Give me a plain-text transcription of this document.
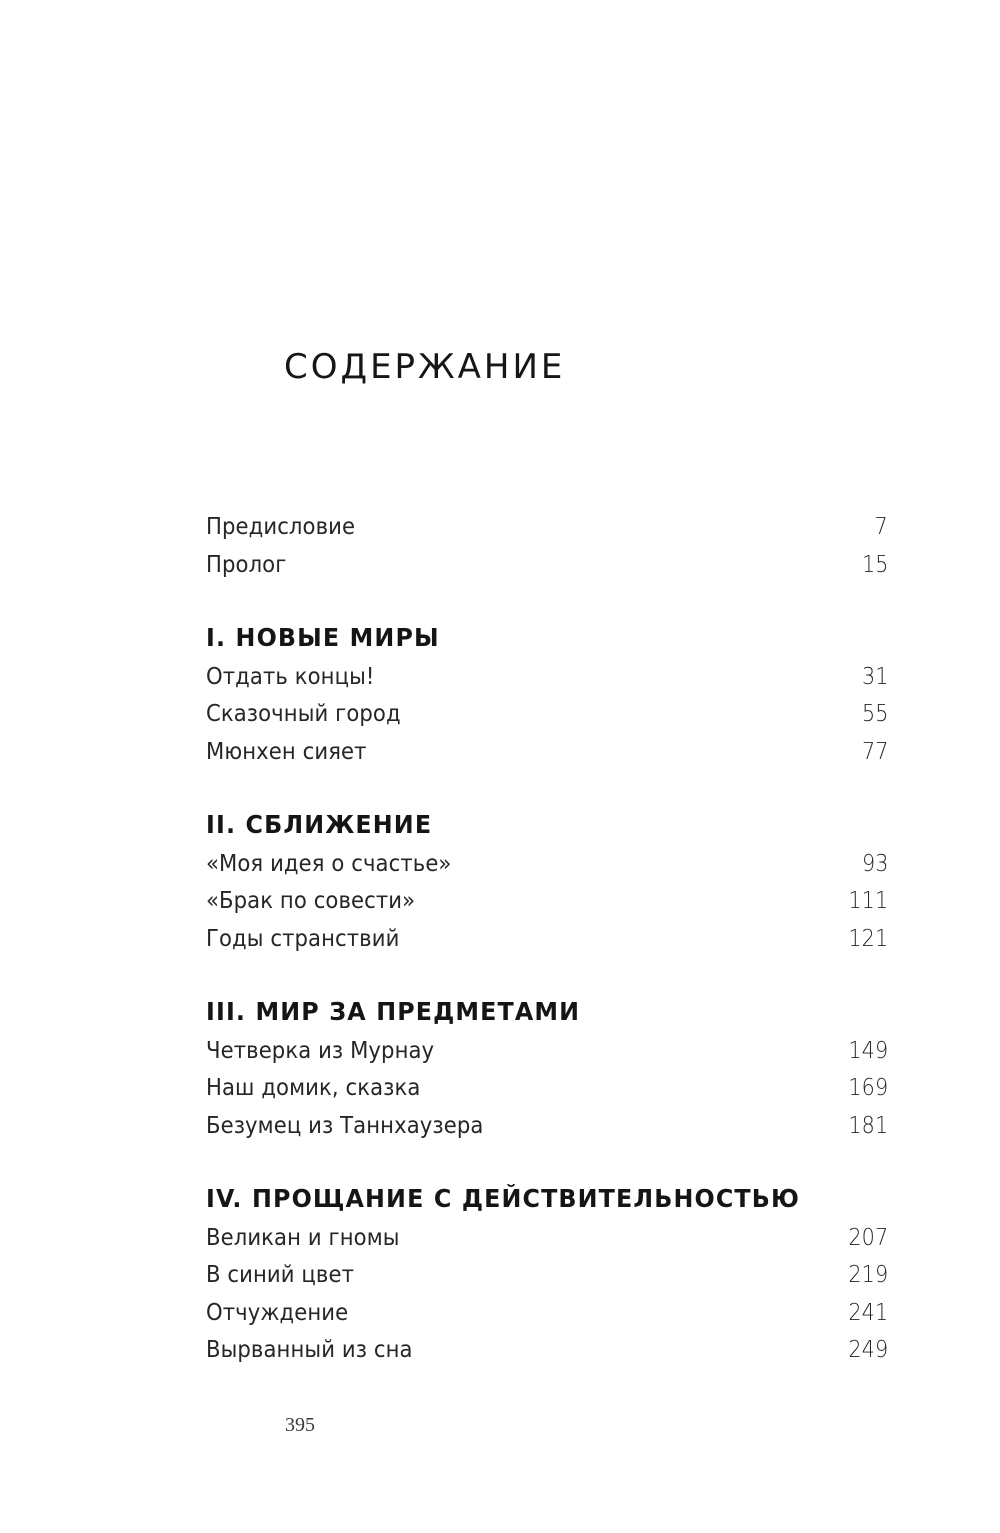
СОДЕРЖАНИЕ
Предисловие	7
Пролог	15
I. НОВЫЕ МИРЫ
Отдать концы!	31
Сказочный город	55
Мюнхен сияет	77
II. СБЛИЖЕНИЕ
«Моя идея о счастье»	93
«Брак по совести»	111
Годы странствий	121
III. МИР ЗА ПРЕДМЕТАМИ
Четверка из Мурнау	149
Наш домик, сказка	169
Безумец из Таннхаузера	181
IV. ПРОЩАНИЕ С ДЕЙСТВИТЕЛЬНОСТЬЮ
Великан и гномы	207
В синий цвет	219
Отчуждение	241
Вырванный из сна	249
395
